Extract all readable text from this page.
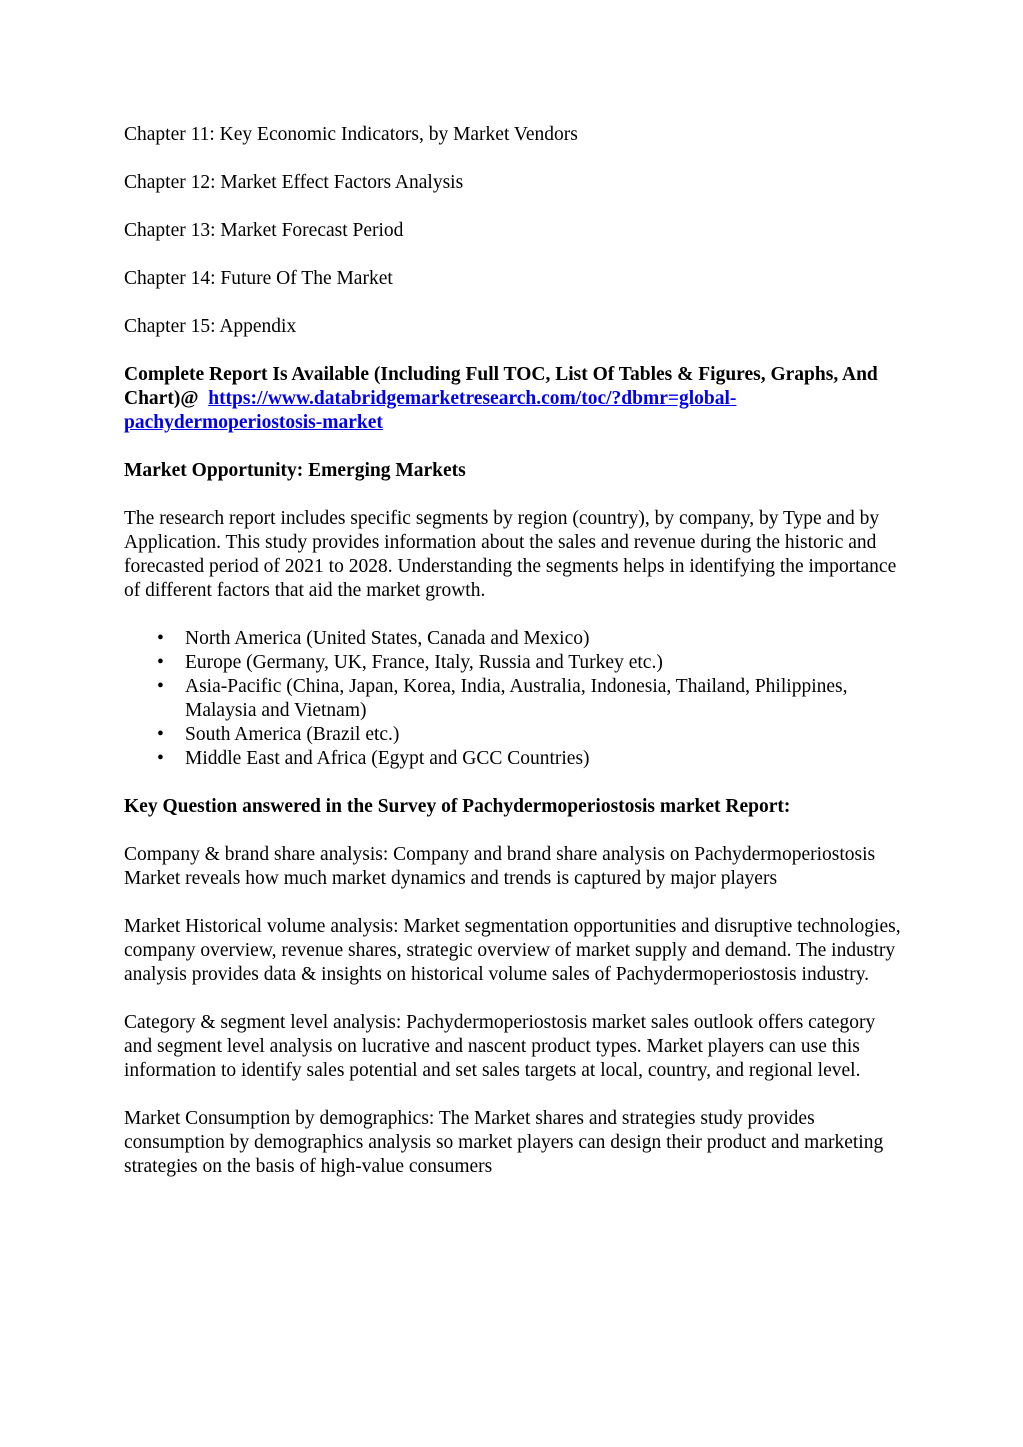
Chapter 11: Key Economic Indicators, by Market Vendors
Chapter 12: Market Effect Factors Analysis
Chapter 13: Market Forecast Period
Chapter 14: Future Of The Market
Chapter 15: Appendix
Complete Report Is Available (Including Full TOC, List Of Tables & Figures, Graphs, And Chart)@ https://www.databridgemarketresearch.com/toc/?dbmr=global-pachydermoperiostosis-market
Market Opportunity: Emerging Markets
The research report includes specific segments by region (country), by company, by Type and by Application. This study provides information about the sales and revenue during the historic and forecasted period of 2021 to 2028. Understanding the segments helps in identifying the importance of different factors that aid the market growth.
• North America (United States, Canada and Mexico)
• Europe (Germany, UK, France, Italy, Russia and Turkey etc.)
• Asia-Pacific (China, Japan, Korea, India, Australia, Indonesia, Thailand, Philippines, Malaysia and Vietnam)
• South America (Brazil etc.)
• Middle East and Africa (Egypt and GCC Countries)
Key Question answered in the Survey of Pachydermoperiostosis market Report:
Company & brand share analysis: Company and brand share analysis on Pachydermoperiostosis Market reveals how much market dynamics and trends is captured by major players
Market Historical volume analysis: Market segmentation opportunities and disruptive technologies, company overview, revenue shares, strategic overview of market supply and demand. The industry analysis provides data & insights on historical volume sales of Pachydermoperiostosis industry.
Category & segment level analysis: Pachydermoperiostosis market sales outlook offers category and segment level analysis on lucrative and nascent product types. Market players can use this information to identify sales potential and set sales targets at local, country, and regional level.
Market Consumption by demographics: The Market shares and strategies study provides consumption by demographics analysis so market players can design their product and marketing strategies on the basis of high-value consumers
